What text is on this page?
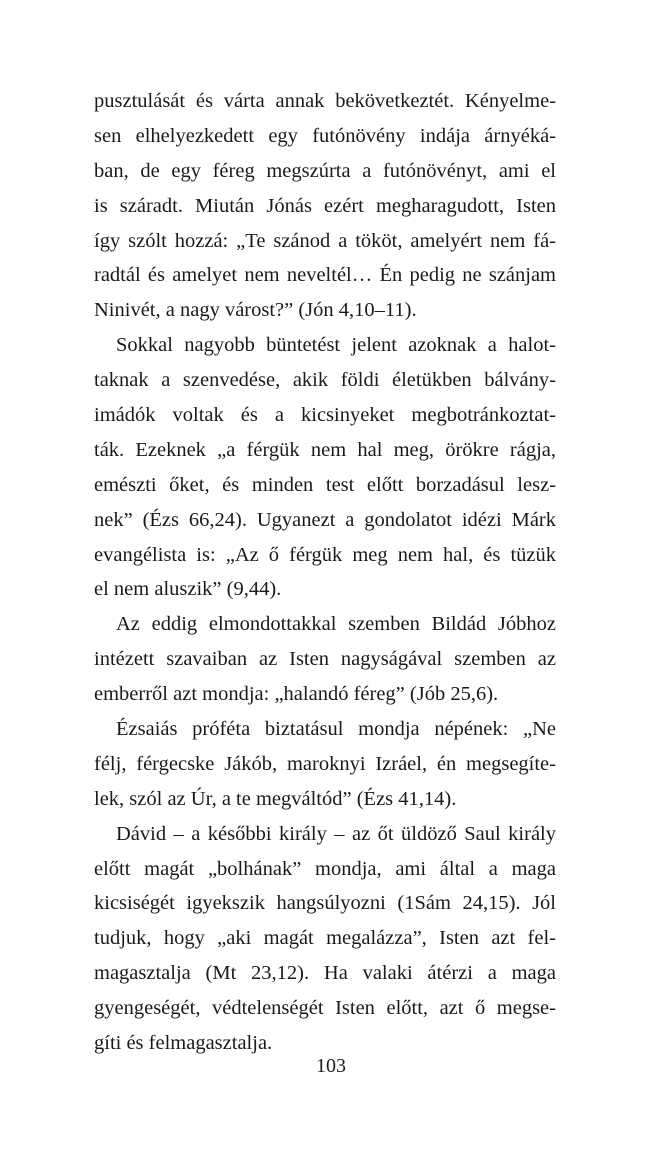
pusztulását és várta annak bekövetkeztét. Kényelme-
sen elhelyezkedett egy futónövény indája árnyéká-
ban, de egy féreg megszúrta a futónövényt, ami el
is száradt. Miután Jónás ezért megharagudott, Isten
így szólt hozzá: „Te szánod a tököt, amelyért nem fá-
radtál és amelyet nem neveltél… Én pedig ne szánjam
Ninivét, a nagy várost?” (Jón 4,10–11).
Sokkal nagyobb büntetést jelent azoknak a halot-
taknak a szenvedése, akik földi életükben bálvány-
imádók voltak és a kicsinyeket megbotránkoztat-
ták. Ezeknek „a férgük nem hal meg, örökre rágja,
emészti őket, és minden test előtt borzadásul lesz-
nek” (Ézs 66,24). Ugyanezt a gondolatot idézi Márk
evangélista is: „Az ő férgük meg nem hal, és tüzük
el nem aluszik” (9,44).
Az eddig elmondottakkal szemben Bildád Jóbhoz
intézett szavaiban az Isten nagyságával szemben az
emberről azt mondja: „halandó féreg” (Jób 25,6).
Ézsaiás próféta biztatásul mondja népének: „Ne
félj, férgecske Jákób, maroknyi Izráel, én megsegíte-
lek, szól az Úr, a te megváltód” (Ézs 41,14).
Dávid – a későbbi király – az őt üldöző Saul király
előtt magát „bolhának” mondja, ami által a maga
kicsiségét igyekszik hangsúlyozni (1Sám 24,15). Jól
tudjuk, hogy „aki magát megalázza”, Isten azt fel-
magasztalja (Mt 23,12). Ha valaki átérzi a maga
gyengeségét, védtelenségét Isten előtt, azt ő megse-
gíti és felmagasztalja.
103
